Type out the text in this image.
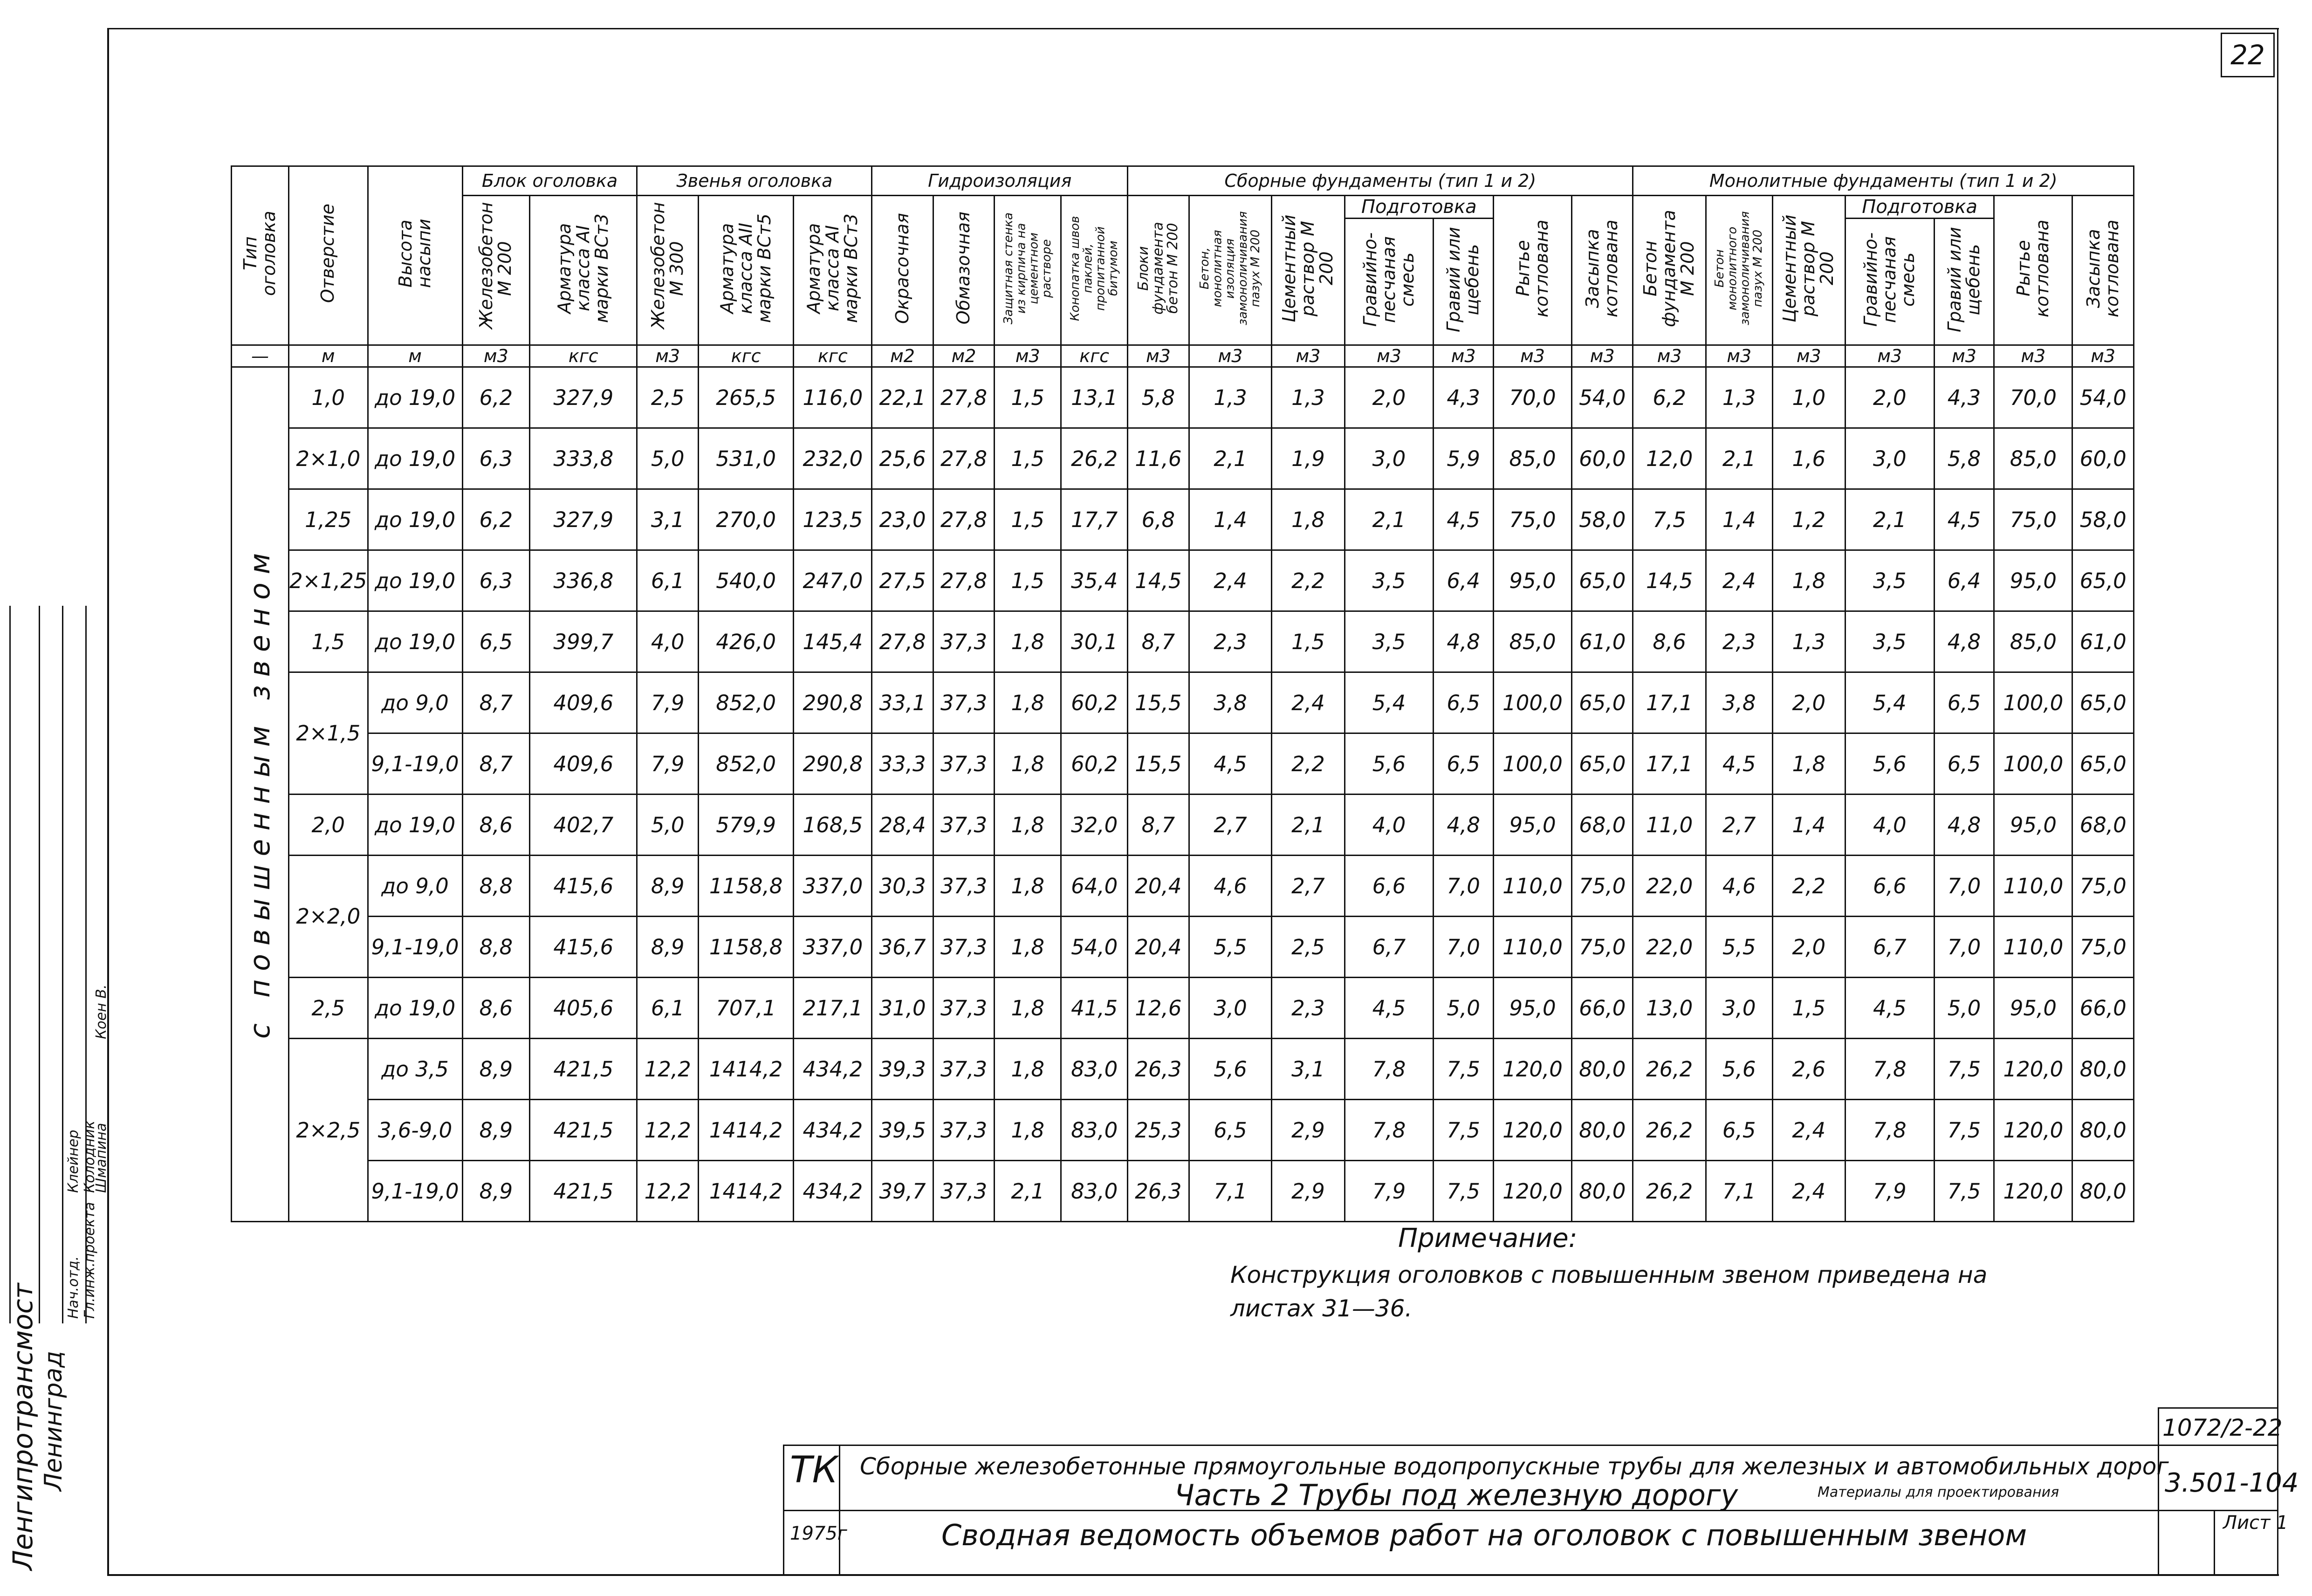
22
Ленгипротрансмост Ленинград
Нач.отд. Гл.инж.проекта
Клейнер Колодник
Шмапина
Коен В.
Тип оголовка	Отверстие	Высота насыпи	Блок оголовка		Звенья оголовка			Гидроизоляция				Сборные фундаменты (тип 1 и 2)							Монолитные фундаменты (тип 1 и 2)						
			Железобетон М 200	Арматура класса AI марки ВСт3	Железобетон М 300	Арматура класса AII марки ВСт5	Арматура класса AI марки ВСт3	Окрасочная	Обмазочная	Защитная стенка из кирпича на цементном растворе	Конопатка швов паклей, пропитанной битумом	Блоки фундамента бетон М 200	Бетон, монолитная изоляция замоноличивания пазух М 200	Цементный раствор М 200	Подготовка		Рытье котлована	Засыпка котлована	Бетон фундамента М 200	Бетон монолитного замоноличивания пазух М 200	Цементный раствор М 200	Подготовка		Рытье котлована	Засыпка котлована
															Гравийно-песчаная смесь	Гравий или щебень						Гравийно-песчаная смесь	Гравий или щебень		
—	м	м	м3	кгс	м3	кгс	кгс	м2	м2	м3	кгс	м3	м3	м3	м3	м3	м3	м3	м3	м3	м3	м3	м3	м3	м3
с повышенным звеном	1,0	до 19,0	6,2	327,9	2,5	265,5	116,0	22,1	27,8	1,5	13,1	5,8	1,3	1,3	2,0	4,3	70,0	54,0	6,2	1,3	1,0	2,0	4,3	70,0	54,0
	2×1,0	до 19,0	6,3	333,8	5,0	531,0	232,0	25,6	27,8	1,5	26,2	11,6	2,1	1,9	3,0	5,9	85,0	60,0	12,0	2,1	1,6	3,0	5,8	85,0	60,0
	1,25	до 19,0	6,2	327,9	3,1	270,0	123,5	23,0	27,8	1,5	17,7	6,8	1,4	1,8	2,1	4,5	75,0	58,0	7,5	1,4	1,2	2,1	4,5	75,0	58,0
	2×1,25	до 19,0	6,3	336,8	6,1	540,0	247,0	27,5	27,8	1,5	35,4	14,5	2,4	2,2	3,5	6,4	95,0	65,0	14,5	2,4	1,8	3,5	6,4	95,0	65,0
	1,5	до 19,0	6,5	399,7	4,0	426,0	145,4	27,8	37,3	1,8	30,1	8,7	2,3	1,5	3,5	4,8	85,0	61,0	8,6	2,3	1,3	3,5	4,8	85,0	61,0
	2×1,5	до 9,0	8,7	409,6	7,9	852,0	290,8	33,1	37,3	1,8	60,2	15,5	3,8	2,4	5,4	6,5	100,0	65,0	17,1	3,8	2,0	5,4	6,5	100,0	65,0
		9,1-19,0	8,7	409,6	7,9	852,0	290,8	33,3	37,3	1,8	60,2	15,5	4,5	2,2	5,6	6,5	100,0	65,0	17,1	4,5	1,8	5,6	6,5	100,0	65,0
	2,0	до 19,0	8,6	402,7	5,0	579,9	168,5	28,4	37,3	1,8	32,0	8,7	2,7	2,1	4,0	4,8	95,0	68,0	11,0	2,7	1,4	4,0	4,8	95,0	68,0
	2×2,0	до 9,0	8,8	415,6	8,9	1158,8	337,0	30,3	37,3	1,8	64,0	20,4	4,6	2,7	6,6	7,0	110,0	75,0	22,0	4,6	2,2	6,6	7,0	110,0	75,0
		9,1-19,0	8,8	415,6	8,9	1158,8	337,0	36,7	37,3	1,8	54,0	20,4	5,5	2,5	6,7	7,0	110,0	75,0	22,0	5,5	2,0	6,7	7,0	110,0	75,0
	2,5	до 19,0	8,6	405,6	6,1	707,1	217,1	31,0	37,3	1,8	41,5	12,6	3,0	2,3	4,5	5,0	95,0	66,0	13,0	3,0	1,5	4,5	5,0	95,0	66,0
	2×2,5	до 3,5	8,9	421,5	12,2	1414,2	434,2	39,3	37,3	1,8	83,0	26,3	5,6	3,1	7,8	7,5	120,0	80,0	26,2	5,6	2,6	7,8	7,5	120,0	80,0
		3,6-9,0	8,9	421,5	12,2	1414,2	434,2	39,5	37,3	1,8	83,0	25,3	6,5	2,9	7,8	7,5	120,0	80,0	26,2	6,5	2,4	7,8	7,5	120,0	80,0
		9,1-19,0	8,9	421,5	12,2	1414,2	434,2	39,7	37,3	2,1	83,0	26,3	7,1	2,9	7,9	7,5	120,0	80,0	26,2	7,1	2,4	7,9	7,5	120,0	80,0
Примечание:
Конструкция оголовков с повышенным звеном приведена на листах 31—36.
ТК
1975г
Сборные железобетонные прямоугольные водопропускные трубы для железных и автомобильных дорог
Часть 2 Трубы под железную дорогу	Материалы для проектирования
Сводная ведомость объемов работ на оголовок с повышенным звеном
1072/2-22
3.501-104
Лист 1
